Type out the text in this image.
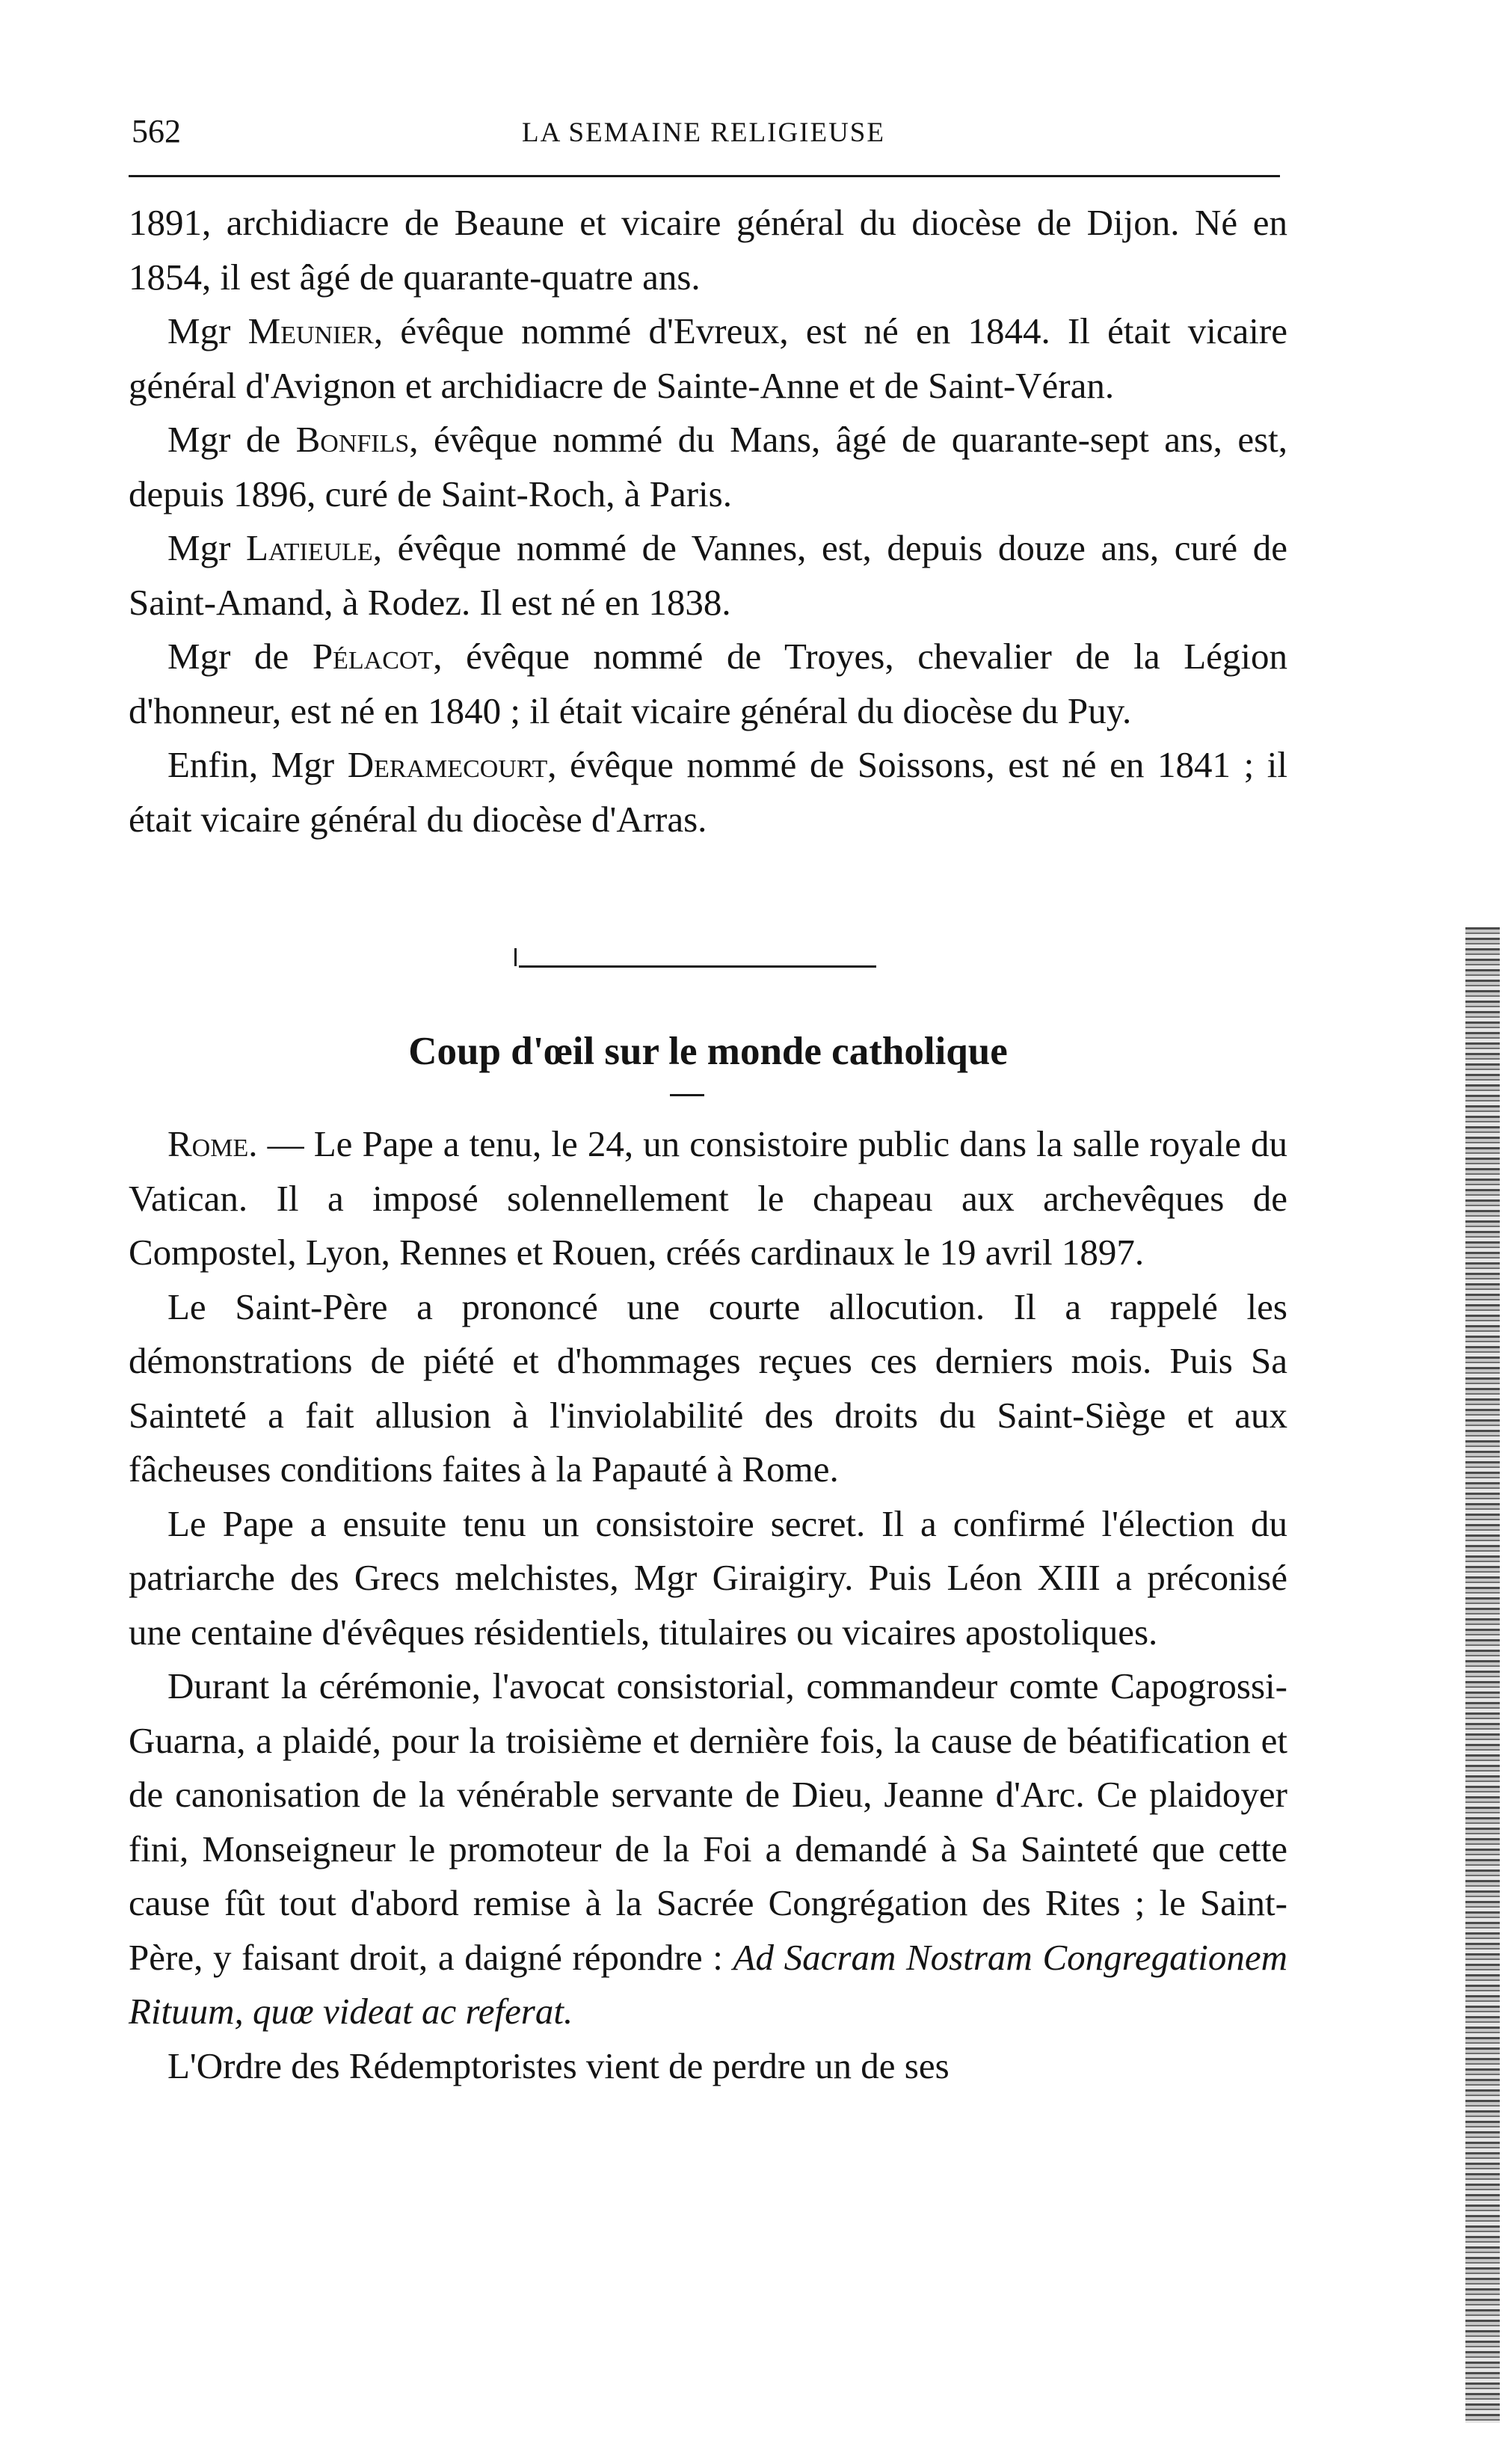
562	LA SEMAINE RELIGIEUSE

1891, archidiacre de Beaune et vicaire général du diocèse de Dijon. Né en 1854, il est âgé de quarante-quatre ans.

Mgr Meunier, évêque nommé d'Evreux, est né en 1844. Il était vicaire général d'Avignon et archidiacre de Sainte-Anne et de Saint-Véran.

Mgr de Bonfils, évêque nommé du Mans, âgé de quarante-sept ans, est, depuis 1896, curé de Saint-Roch, à Paris.

Mgr Latieule, évêque nommé de Vannes, est, depuis douze ans, curé de Saint-Amand, à Rodez. Il est né en 1838.

Mgr de Pélacot, évêque nommé de Troyes, chevalier de la Légion d'honneur, est né en 1840 ; il était vicaire général du diocèse du Puy.

Enfin, Mgr Deramecourt, évêque nommé de Soissons, est né en 1841 ; il était vicaire général du diocèse d'Arras.

Coup d'œil sur le monde catholique

Rome. — Le Pape a tenu, le 24, un consistoire public dans la salle royale du Vatican. Il a imposé solennellement le chapeau aux archevêques de Compostel, Lyon, Rennes et Rouen, créés cardinaux le 19 avril 1897.

Le Saint-Père a prononcé une courte allocution. Il a rappelé les démonstrations de piété et d'hommages reçues ces derniers mois. Puis Sa Sainteté a fait allusion à l'inviolabilité des droits du Saint-Siège et aux fâcheuses conditions faites à la Papauté à Rome.

Le Pape a ensuite tenu un consistoire secret. Il a confirmé l'élection du patriarche des Grecs melchistes, Mgr Giraigiry. Puis Léon XIII a préconisé une centaine d'évêques résidentiels, titulaires ou vicaires apostoliques.

Durant la cérémonie, l'avocat consistorial, commandeur comte Capogrossi-Guarna, a plaidé, pour la troisième et dernière fois, la cause de béatification et de canonisation de la vénérable servante de Dieu, Jeanne d'Arc. Ce plaidoyer fini, Monseigneur le promoteur de la Foi a demandé à Sa Sainteté que cette cause fût tout d'abord remise à la Sacrée Congrégation des Rites ; le Saint-Père, y faisant droit, a daigné répondre : Ad Sacram Nostram Congregationem Rituum, quœ videat ac referat.

L'Ordre des Rédemptoristes vient de perdre un de ses
